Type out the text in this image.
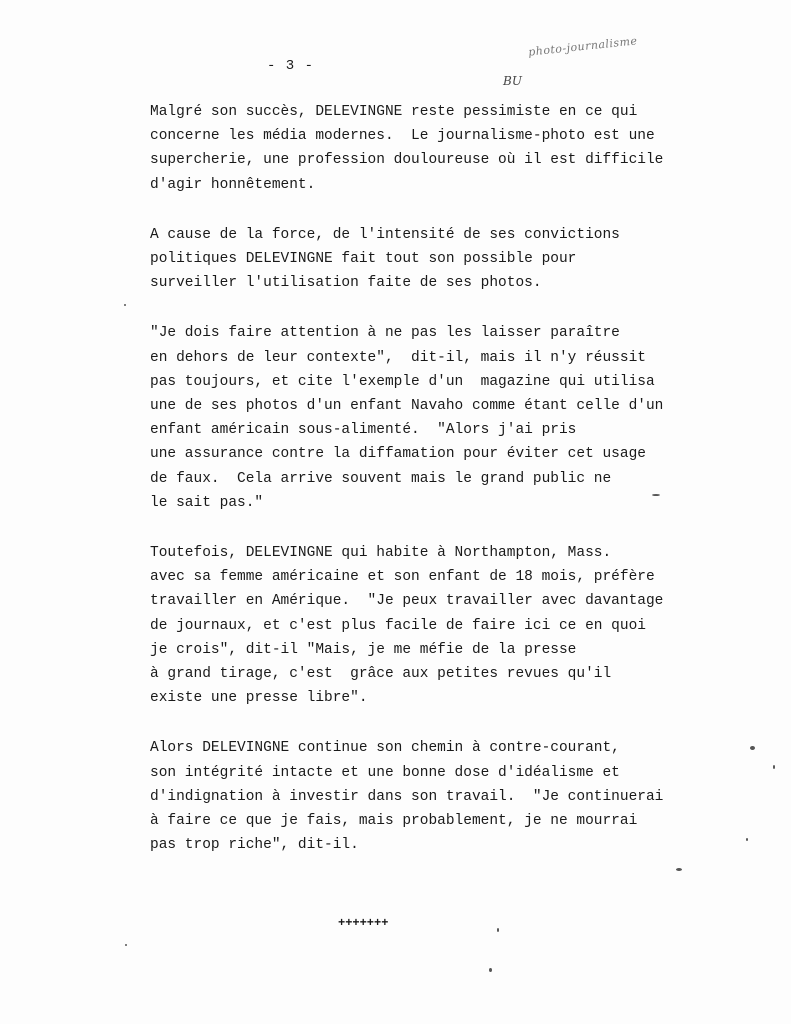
- 3 -
photo-journalisme
BU
Malgré son succès, DELEVINGNE reste pessimiste en ce qui
concerne les média modernes.  Le journalisme-photo est une
supercherie, une profession douloureuse où il est difficile
d'agir honnêtement.
A cause de la force, de l'intensité de ses convictions
politiques DELEVINGNE fait tout son possible pour
surveiller l'utilisation faite de ses photos.
"Je dois faire attention à ne pas les laisser paraître
en dehors de leur contexte",  dit-il, mais il n'y réussit
pas toujours, et cite l'exemple d'un  magazine qui utilisa
une de ses photos d'un enfant Navaho comme étant celle d'un
enfant américain sous-alimenté.  "Alors j'ai pris
une assurance contre la diffamation pour éviter cet usage
de faux.  Cela arrive souvent mais le grand public ne
le sait pas."
Toutefois, DELEVINGNE qui habite à Northampton, Mass.
avec sa femme américaine et son enfant de 18 mois, préfère
travailler en Amérique.  "Je peux travailler avec davantage
de journaux, et c'est plus facile de faire ici ce en quoi
je crois", dit-il "Mais, je me méfie de la presse
à grand tirage, c'est  grâce aux petites revues qu'il
existe une presse libre".
Alors DELEVINGNE continue son chemin à contre-courant,
son intégrité intacte et une bonne dose d'idéalisme et
d'indignation à investir dans son travail.  "Je continuerai
à faire ce que je fais, mais probablement, je ne mourrai
pas trop riche", dit-il.
+++++++
